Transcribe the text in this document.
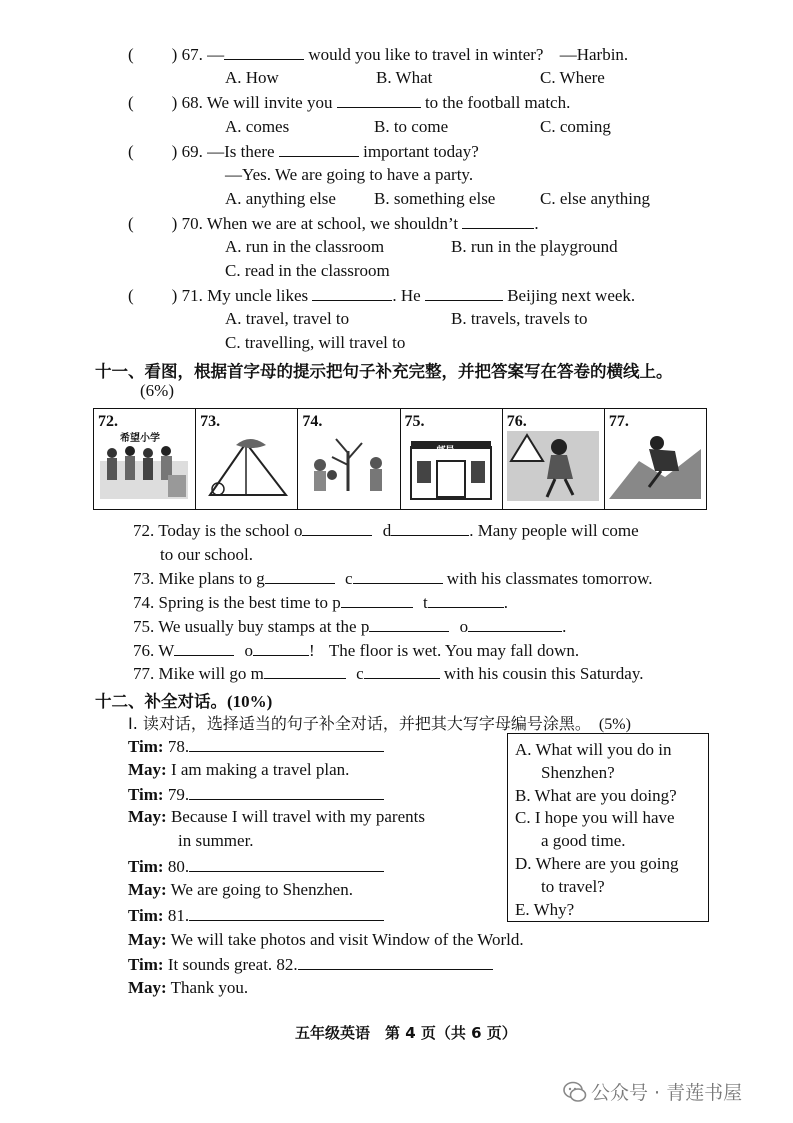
( ) 67. —	would you like to travel in winter? —Harbin.
A. How	B. What	C. Where
( ) 68. We will invite you	to the football match.
A. comes	B. to come	C. coming
( ) 69. —Is there	important today?
—Yes. We are going to have a party.
A. anything else B. something else	C. else anything
( ) 70. When we are at school, we shouldn’t	.
A. run in the classroom	B. run in the playground
C. read in the classroom
( ) 71. My uncle likes	. He	Beijing next week.
A. travel, travel to	B. travels, travels to
C. travelling, will travel to
十一、看图，根据首字母的提示把句子补充完整，并把答案写在答卷的横线上。
(6%)
72.
希望小学
73.	74.	75.
邮局
76.	77.
72. Today is the school o	d	. Many people will come
to our school.
73. Mike plans to g	c	with his classmates tomorrow.
74. Spring is the best time to p	t	.
75. We usually buy stamps at the p	o	.
76. W	o	! The floor is wet. You may fall down.
77. Mike will go m	c	with his cousin this Saturday.
十二、补全对话。(10%)
I. 读对话，选择适当的句子补全对话，并把其大写字母编号涂黑。 (5%)
Tim: 78.
May: I am making a travel plan.
Tim: 79.
May: Because I will travel with my parents
in summer.
Tim: 80.
May: We are going to Shenzhen.
Tim: 81.
May: We will take photos and visit Window of the World.
Tim: It sounds great. 82.
May: Thank you.
A. What will you do in
Shenzhen?
B. What are you doing?
C. I hope you will have
a good time.
D. Where are you going
to travel?
E. Why?
五年级英语　第 4 页（共 6 页）
公众号 · 青莲书屋
